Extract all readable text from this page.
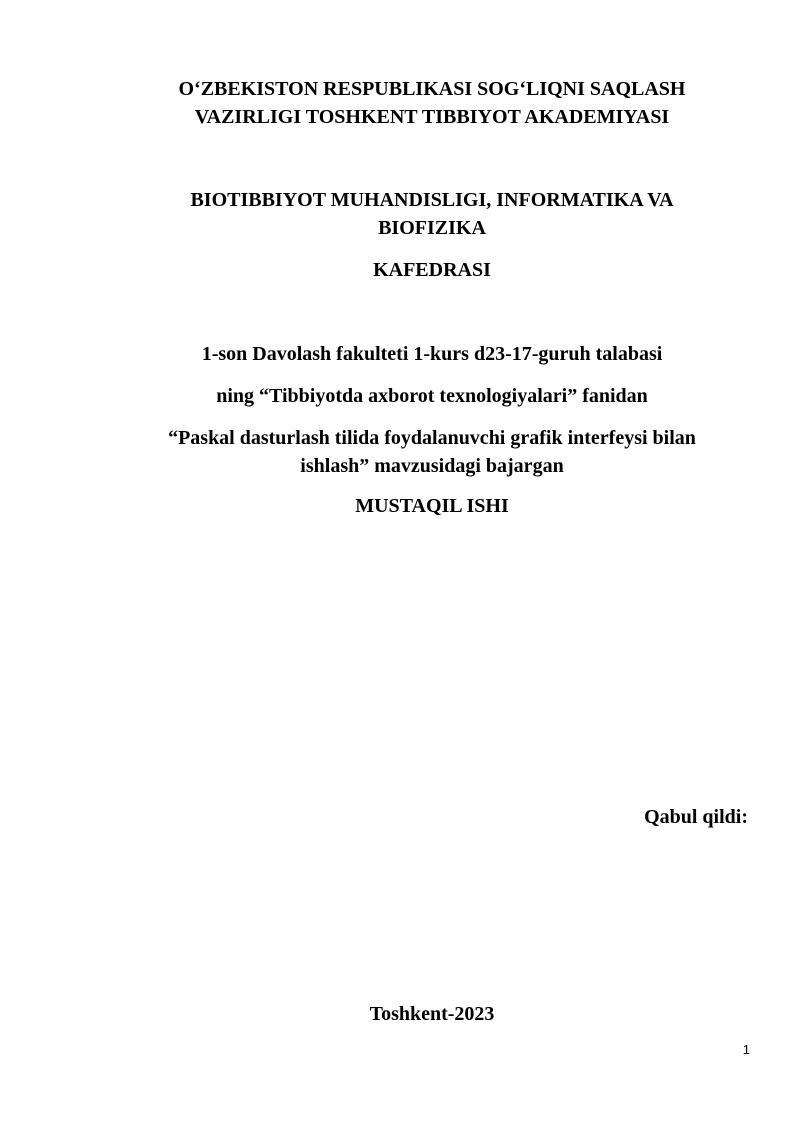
O‘ZBEKISTON RESPUBLIKASI SOG‘LIQNI SAQLASH
VAZIRLIGI TOSHKENT TIBBIYOT AKADEMIYASI
BIOTIBBIYOT MUHANDISLIGI, INFORMATIKA VA
BIOFIZIKA
KAFEDRASI
1-son Davolash fakulteti 1-kurs d23-17-guruh talabasi
ning “Tibbiyotda axborot texnologiyalari” fanidan
“Paskal dasturlash tilida foydalanuvchi grafik interfeysi bilan
ishlash” mavzusidagi bajargan
MUSTAQIL ISHI
Qabul qildi:
Toshkent-2023
1
